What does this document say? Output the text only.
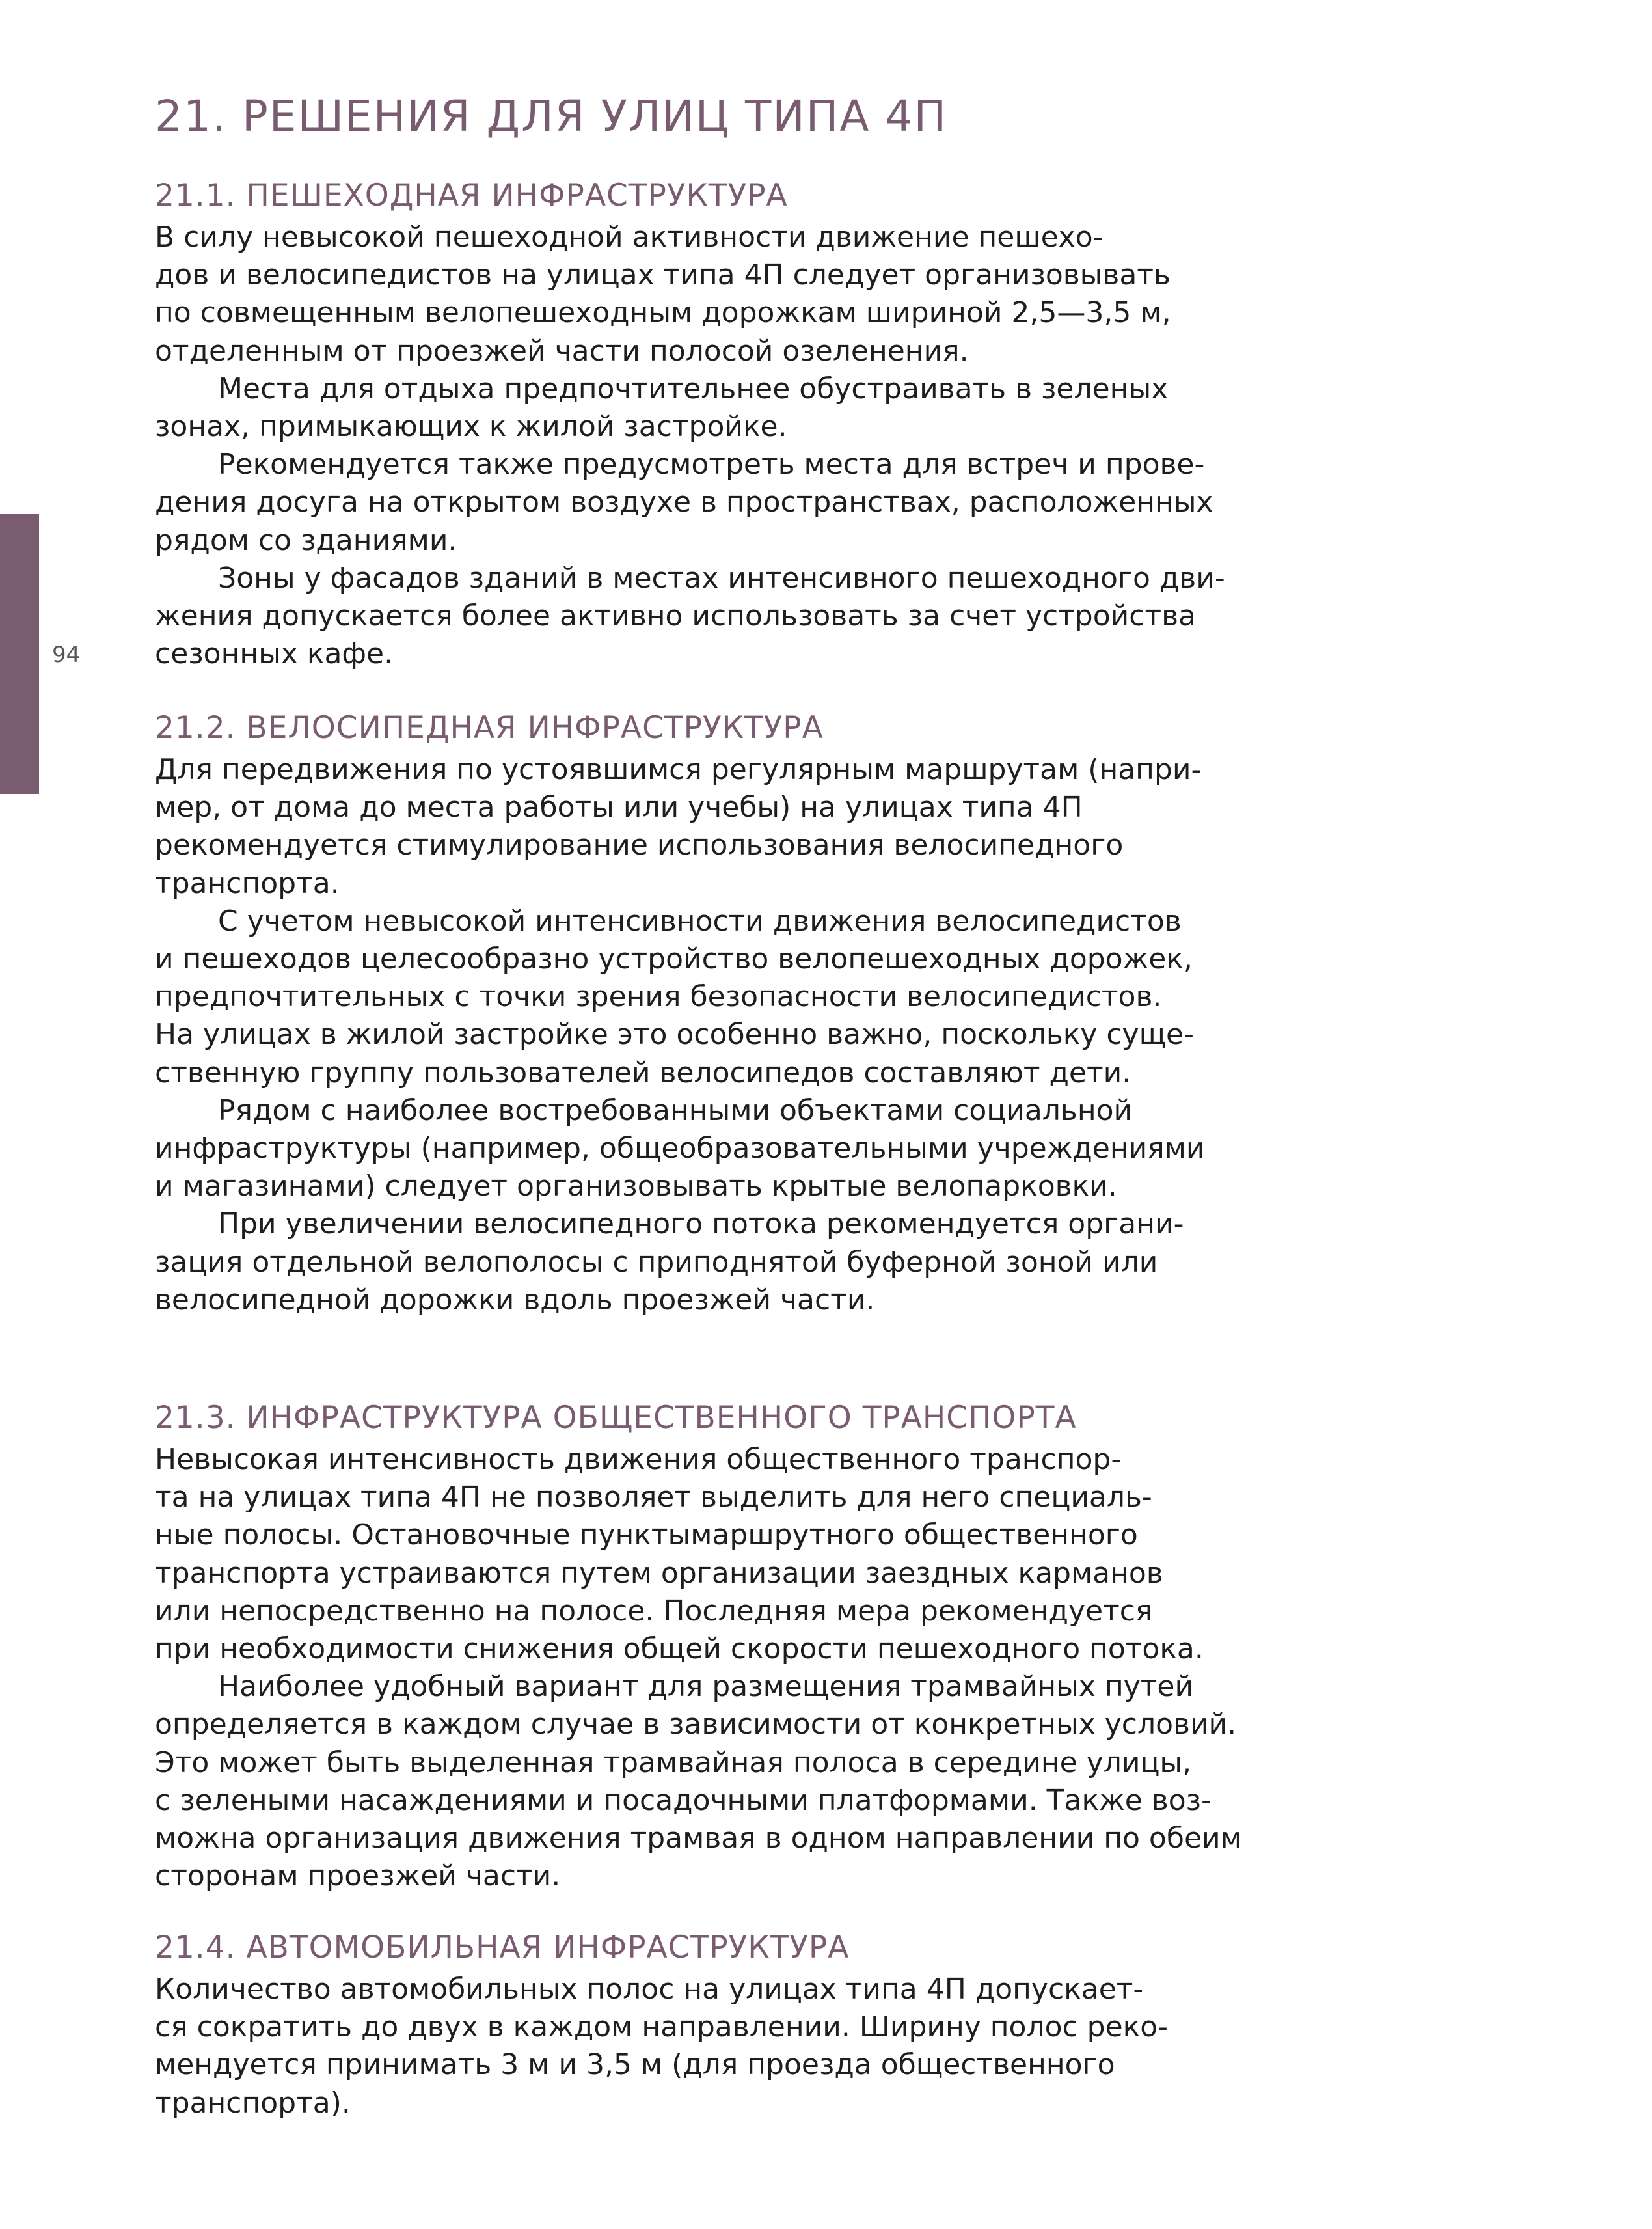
94
21. РЕШЕНИЯ ДЛЯ УЛИЦ ТИПА 4П
21.1. ПЕШЕХОДНАЯ ИНФРАСТРУКТУРА

В силу невысокой пешеходной активности движение пешехо-
дов и велосипедистов на улицах типа 4П следует организовывать
по совмещенным велопешеходным дорожкам шириной 2,5—3,5 м,
отделенным от проезжей части полосой озеленения.

Места для отдыха предпочтительнее обустраивать в зеленых
зонах, примыкающих к жилой застройке.

Рекомендуется также предусмотреть места для встреч и прове-
дения досуга на открытом воздухе в пространствах, расположенных
рядом со зданиями.

Зоны у фасадов зданий в местах интенсивного пешеходного дви-
жения допускается более активно использовать за счет устройства
сезонных кафе.

21.2. ВЕЛОСИПЕДНАЯ ИНФРАСТРУКТУРА

Для передвижения по устоявшимся регулярным маршрутам (напри-
мер, от дома до места работы или учебы) на улицах типа 4П
рекомендуется стимулирование использования велосипедного
транспорта.

С учетом невысокой интенсивности движения велосипедистов
и пешеходов целесообразно устройство велопешеходных дорожек,
предпочтительных с точки зрения безопасности велосипедистов.
На улицах в жилой застройке это особенно важно, поскольку суще-
ственную группу пользователей велосипедов составляют дети.

Рядом с наиболее востребованными объектами социальной
инфраструктуры (например, общеобразовательными учреждениями
и магазинами) следует организовывать крытые велопарковки.

При увеличении велосипедного потока рекомендуется органи-
зация отдельной велополосы с приподнятой буферной зоной или
велосипедной дорожки вдоль проезжей части.

21.3. ИНФРАСТРУКТУРА ОБЩЕСТВЕННОГО ТРАНСПОРТА

Невысокая интенсивность движения общественного транспор-
та на улицах типа 4П не позволяет выделить для него специаль-
ные полосы. Остановочные пунктымаршрутного общественного
транспорта устраиваются путем организации заездных карманов
или непосредственно на полосе. Последняя мера рекомендуется
при необходимости снижения общей скорости пешеходного потока.

Наиболее удобный вариант для размещения трамвайных путей
определяется в каждом случае в зависимости от конкретных условий.
Это может быть выделенная трамвайная полоса в середине улицы,
с зелеными насаждениями и посадочными платформами. Также воз-
можна организация движения трамвая в одном направлении по обеим
сторонам проезжей части.

21.4. АВТОМОБИЛЬНАЯ ИНФРАСТРУКТУРА

Количество автомобильных полос на улицах типа 4П допускает-
ся сократить до двух в каждом направлении. Ширину полос реко-
мендуется принимать 3 м и 3,5 м (для проезда общественного
транспорта).
